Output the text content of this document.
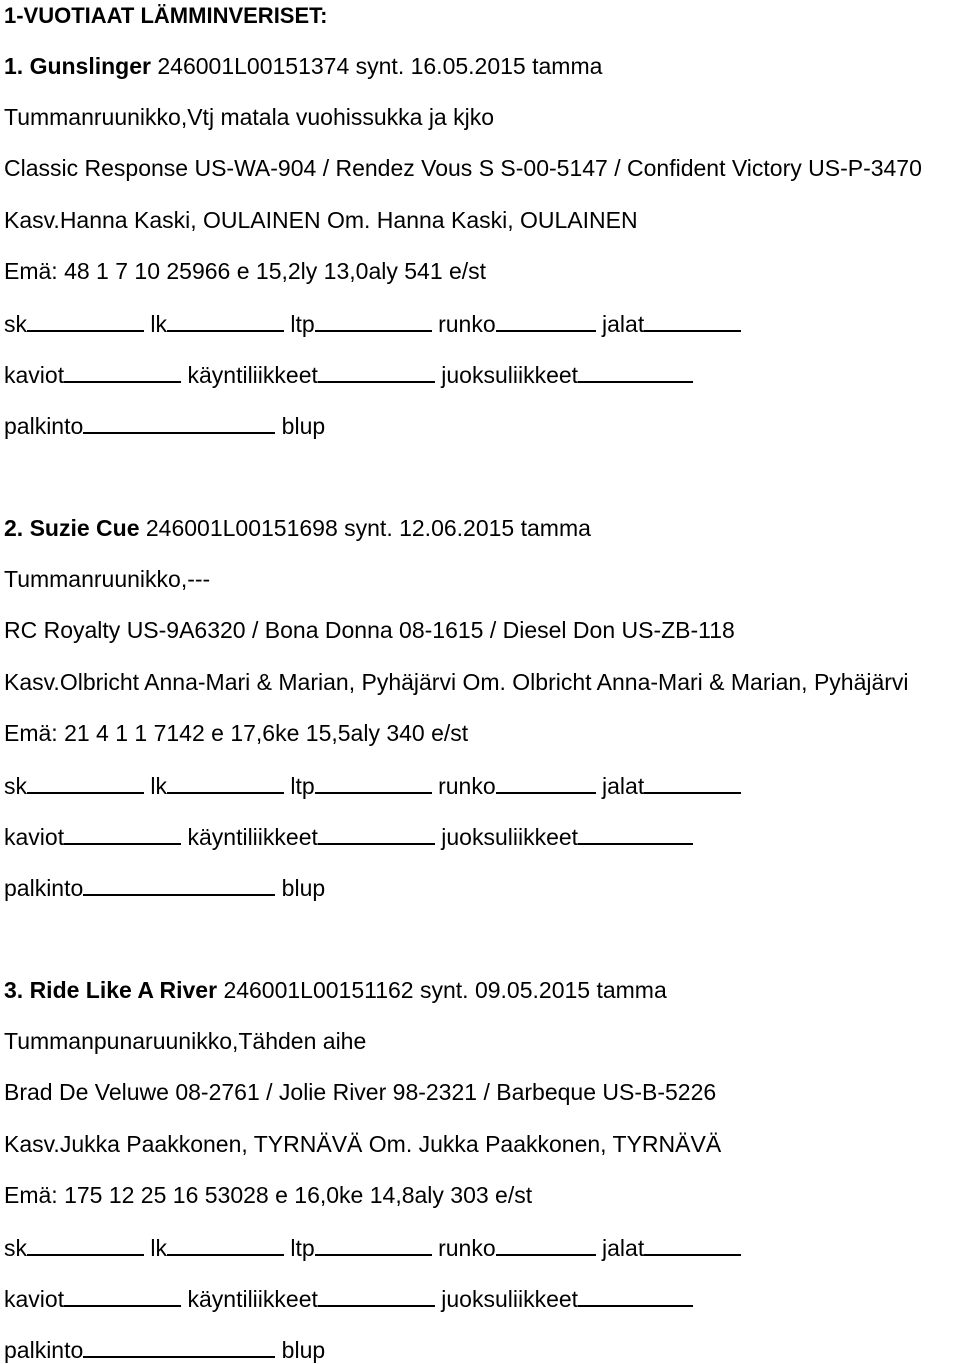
1-VUOTIAAT LÄMMINVERISET:
1. Gunslinger 246001L00151374 synt. 16.05.2015 tamma
Tummanruunikko,Vtj matala vuohissukka ja kjko
Classic Response US-WA-904 / Rendez Vous S S-00-5147 / Confident Victory US-P-3470
Kasv.Hanna Kaski, OULAINEN Om. Hanna Kaski, OULAINEN
Emä: 48 1 7 10 25966 e 15,2ly 13,0aly 541 e/st
sk	lk	ltp	runko	jalat
kaviot	käyntiliikkeet	juoksuliikkeet
palkinto	blup
2. Suzie Cue 246001L00151698 synt. 12.06.2015 tamma
Tummanruunikko,---
RC Royalty US-9A6320 / Bona Donna 08-1615 / Diesel Don US-ZB-118
Kasv.Olbricht Anna-Mari & Marian, Pyhäjärvi Om. Olbricht Anna-Mari & Marian, Pyhäjärvi
Emä: 21 4 1 1 7142 e 17,6ke 15,5aly 340 e/st
sk	lk	ltp	runko	jalat
kaviot	käyntiliikkeet	juoksuliikkeet
palkinto	blup
3. Ride Like A River 246001L00151162 synt. 09.05.2015 tamma
Tummanpunaruunikko,Tähden aihe
Brad De Veluwe 08-2761 / Jolie River 98-2321 / Barbeque US-B-5226
Kasv.Jukka Paakkonen, TYRNÄVÄ Om. Jukka Paakkonen, TYRNÄVÄ
Emä: 175 12 25 16 53028 e 16,0ke 14,8aly 303 e/st
sk	lk	ltp	runko	jalat
kaviot	käyntiliikkeet	juoksuliikkeet
palkinto	blup
